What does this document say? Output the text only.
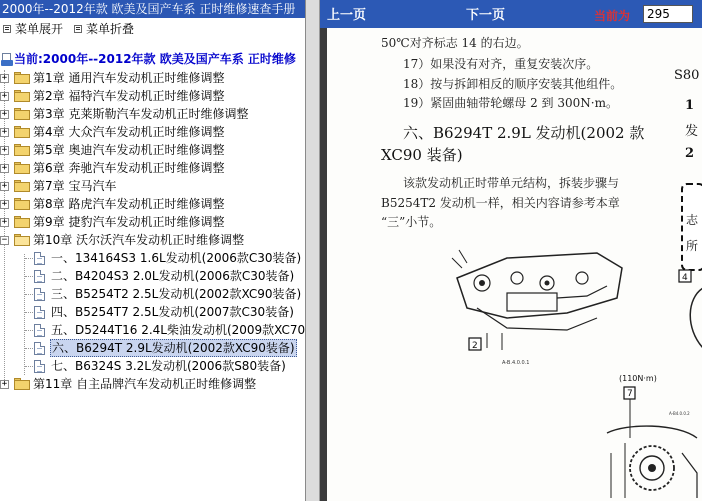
2000年--2012年款 欧美及国产车系 正时维修速查手册
菜单展开 菜单折叠
当前:2000年--2012年款 欧美及国产车系 正时维修
+ 第1章 通用汽车发动机正时维修调整
+ 第2章 福特汽车发动机正时维修调整
+ 第3章 克莱斯勒汽车发动机正时维修调整
+ 第4章 大众汽车发动机正时维修调整
+ 第5章 奥迪汽车发动机正时维修调整
+ 第6章 奔驰汽车发动机正时维修调整
+ 第7章 宝马汽车
+ 第8章 路虎汽车发动机正时维修调整
+ 第9章 捷豹汽车发动机正时维修调整
− 第10章 沃尔沃汽车发动机正时维修调整
一、134164S3 1.6L发动机(2006款C30装备)
二、B4204S3 2.0L发动机(2006款C30装备)
三、B5254T2 2.5L发动机(2002款XC90装备)
四、B5254T7 2.5L发动机(2007款C30装备)
五、D5244T16 2.4L柴油发动机(2009款XC70
六、B6294T 2.9L发动机(2002款XC90装备)
七、B6324S 3.2L发动机(2006款S80装备)
+ 第11章 自主品牌汽车发动机正时维修调整
上一页	下一页	当前为
295
50℃对齐标志 14 的右边。
17）如果没有对齐，重复安装次序。
18）按与拆卸相反的顺序安装其他组件。
19）紧固曲轴带轮螺母 2 到 300N·m。
六、B6294T 2.9L 发动机(2002 款
XC90 装备)
该款发动机正时带单元结构，拆装步骤与
B5254T2 发动机一样，相关内容请参考本章
“三”小节。
S80
1
发
2
志
所
2
A-B.4.0.0.1
4
(110N·m)
7
A-B4.0.0.2
